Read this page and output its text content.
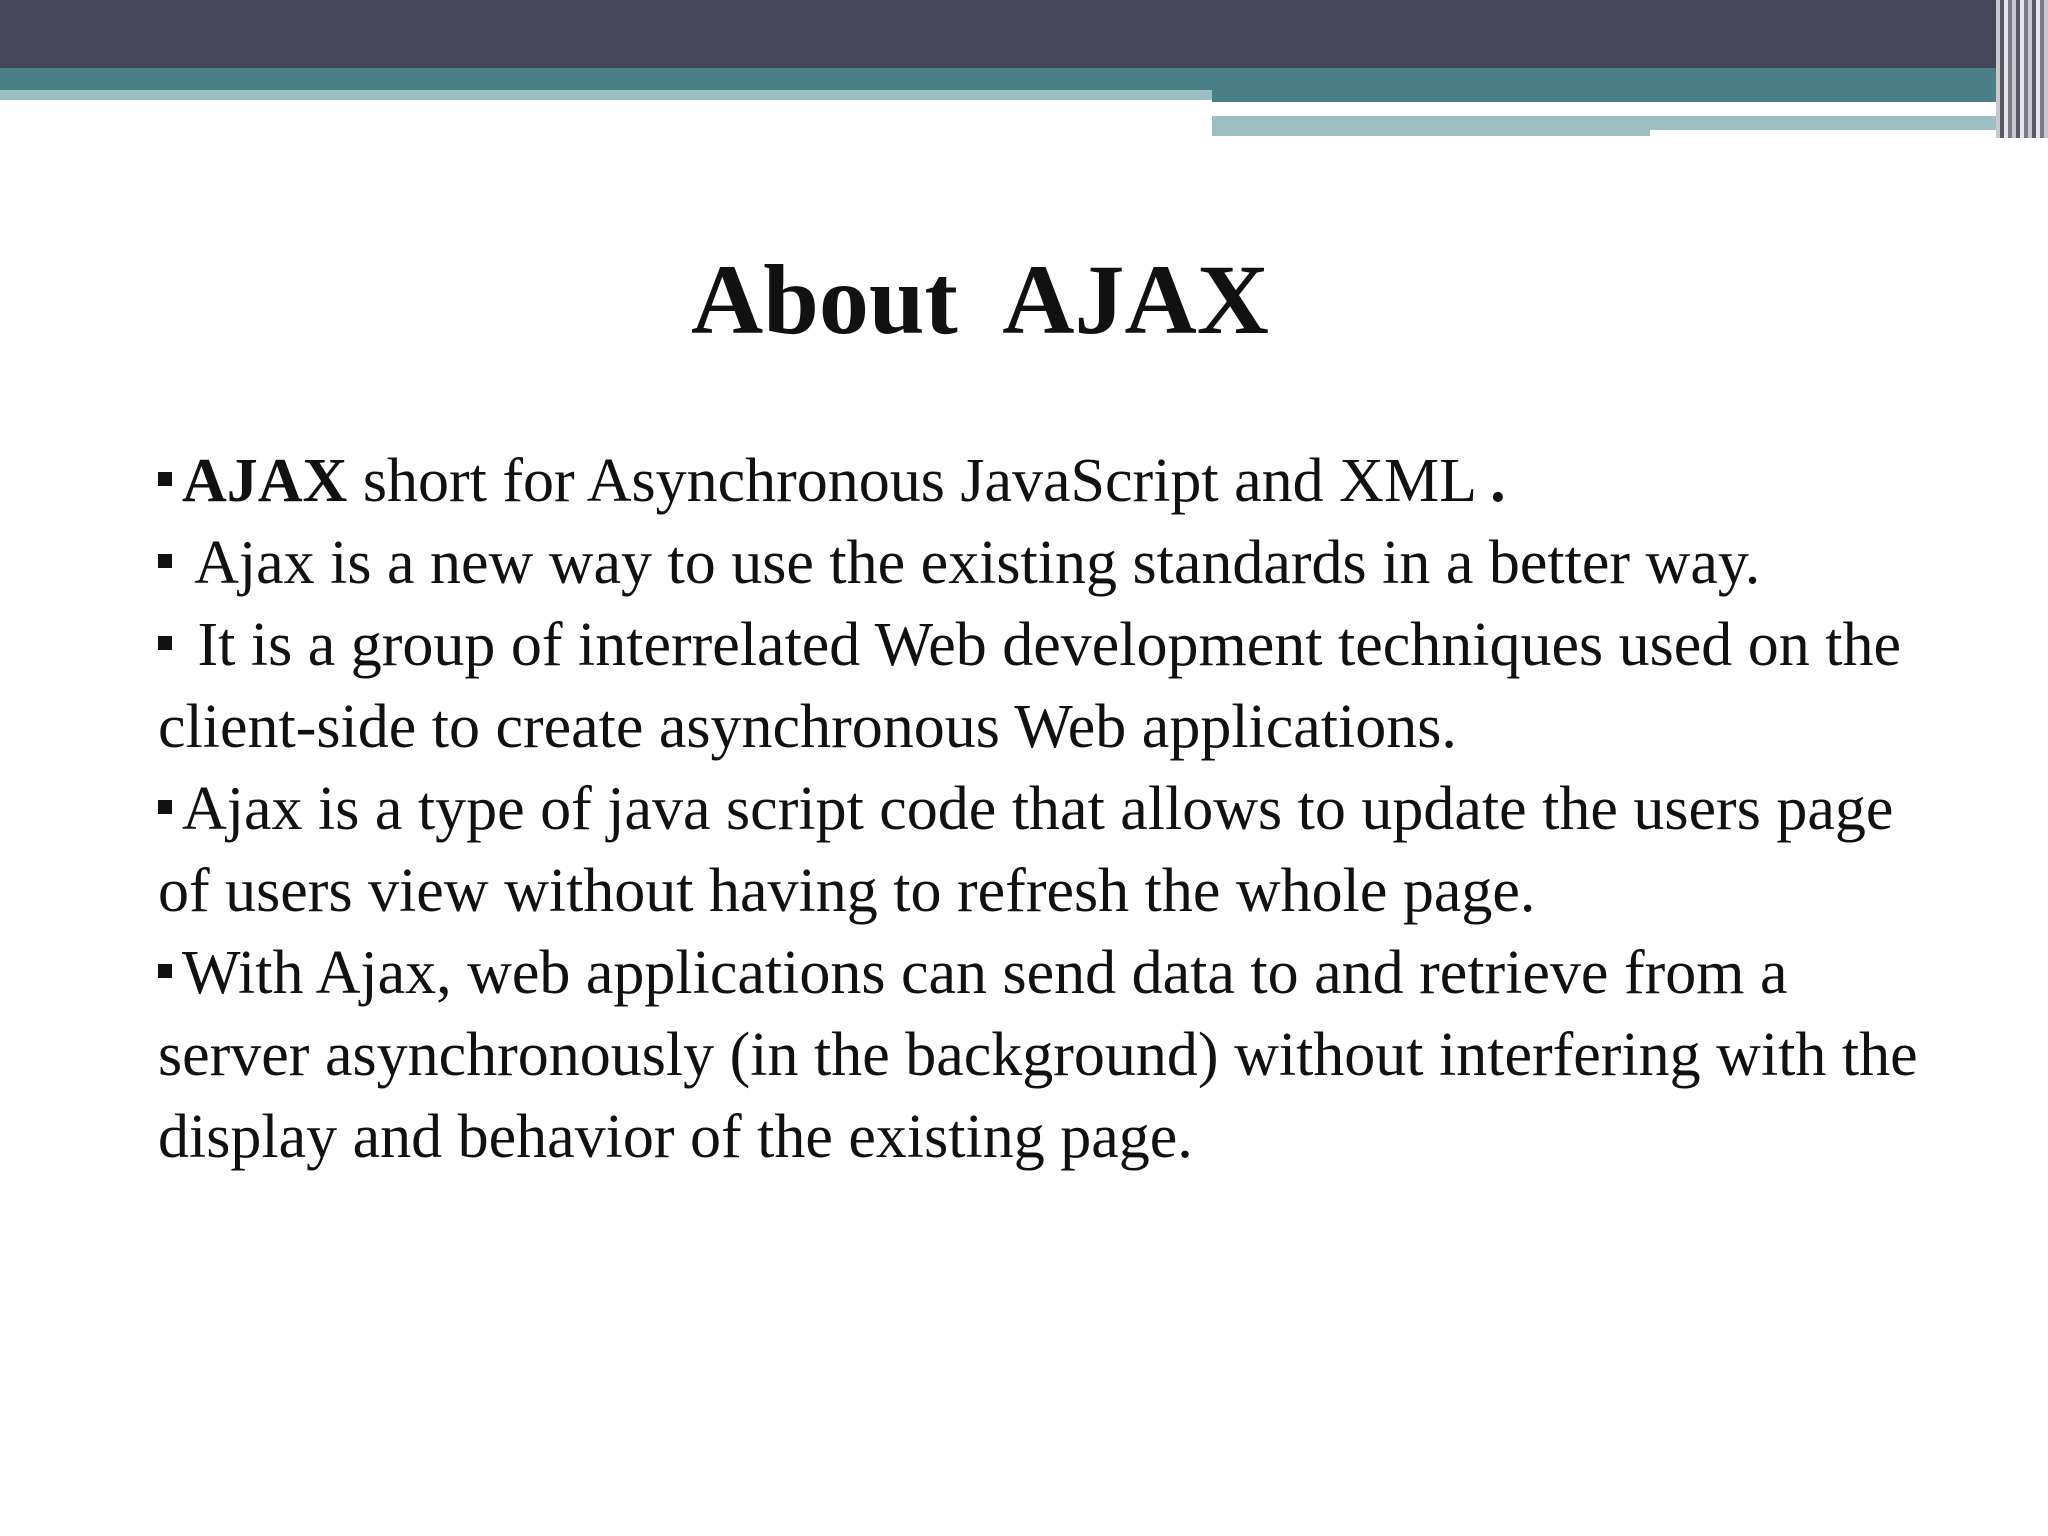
About  AJAX

AJAX short for Asynchronous JavaScript and XML .

Ajax is a new way to use the existing standards in a better way.

It is a group of interrelated Web development techniques used on the client-side to create asynchronous Web applications.

Ajax is a type of java script code that allows to update the users page of users view without having to refresh the whole page.

With Ajax, web applications can send data to and retrieve from a server asynchronously (in the background) without interfering with the display and behavior of the existing page.
